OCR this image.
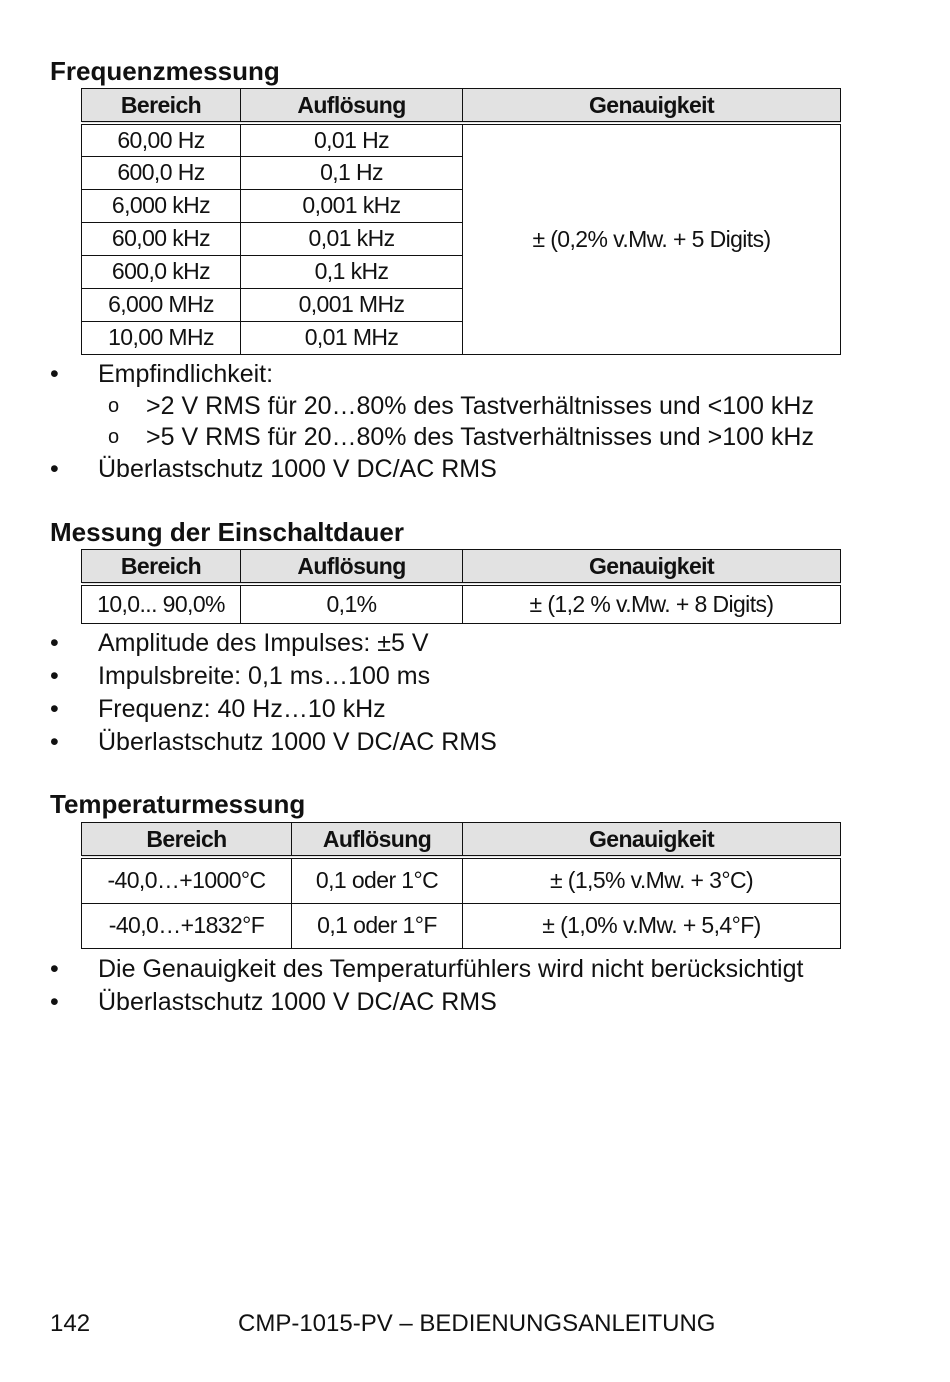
Frequenzmessung
Bereich	Auflösung	Genauigkeit
60,00 Hz	0,01 Hz	± (0,2% v.Mw. + 5 Digits)
600,0 Hz	0,1 Hz	
6,000 kHz	0,001 kHz	
60,00 kHz	0,01 kHz	
600,0 kHz	0,1 kHz	
6,000 MHz	0,001 MHz	
10,00 MHz	0,01 MHz	
• Empfindlichkeit:
o >2 V RMS für 20…80% des Tastverhältnisses und <100 kHz
o >5 V RMS für 20…80% des Tastverhältnisses und >100 kHz
• Überlastschutz 1000 V DC/AC RMS
Messung der Einschaltdauer
Bereich	Auflösung	Genauigkeit
10,0... 90,0%	0,1%	± (1,2 % v.Mw. + 8 Digits)
• Amplitude des Impulses: ±5 V
• Impulsbreite: 0,1 ms…100 ms
• Frequenz: 40 Hz…10 kHz
• Überlastschutz 1000 V DC/AC RMS
Temperaturmessung
Bereich	Auflösung	Genauigkeit
-40,0…+1000°C	0,1 oder 1°C	± (1,5% v.Mw. + 3°C)
-40,0…+1832°F	0,1 oder 1°F	± (1,0% v.Mw. + 5,4°F)
• Die Genauigkeit des Temperaturfühlers wird nicht berücksichtigt
• Überlastschutz 1000 V DC/AC RMS
142	CMP-1015-PV – BEDIENUNGSANLEITUNG
